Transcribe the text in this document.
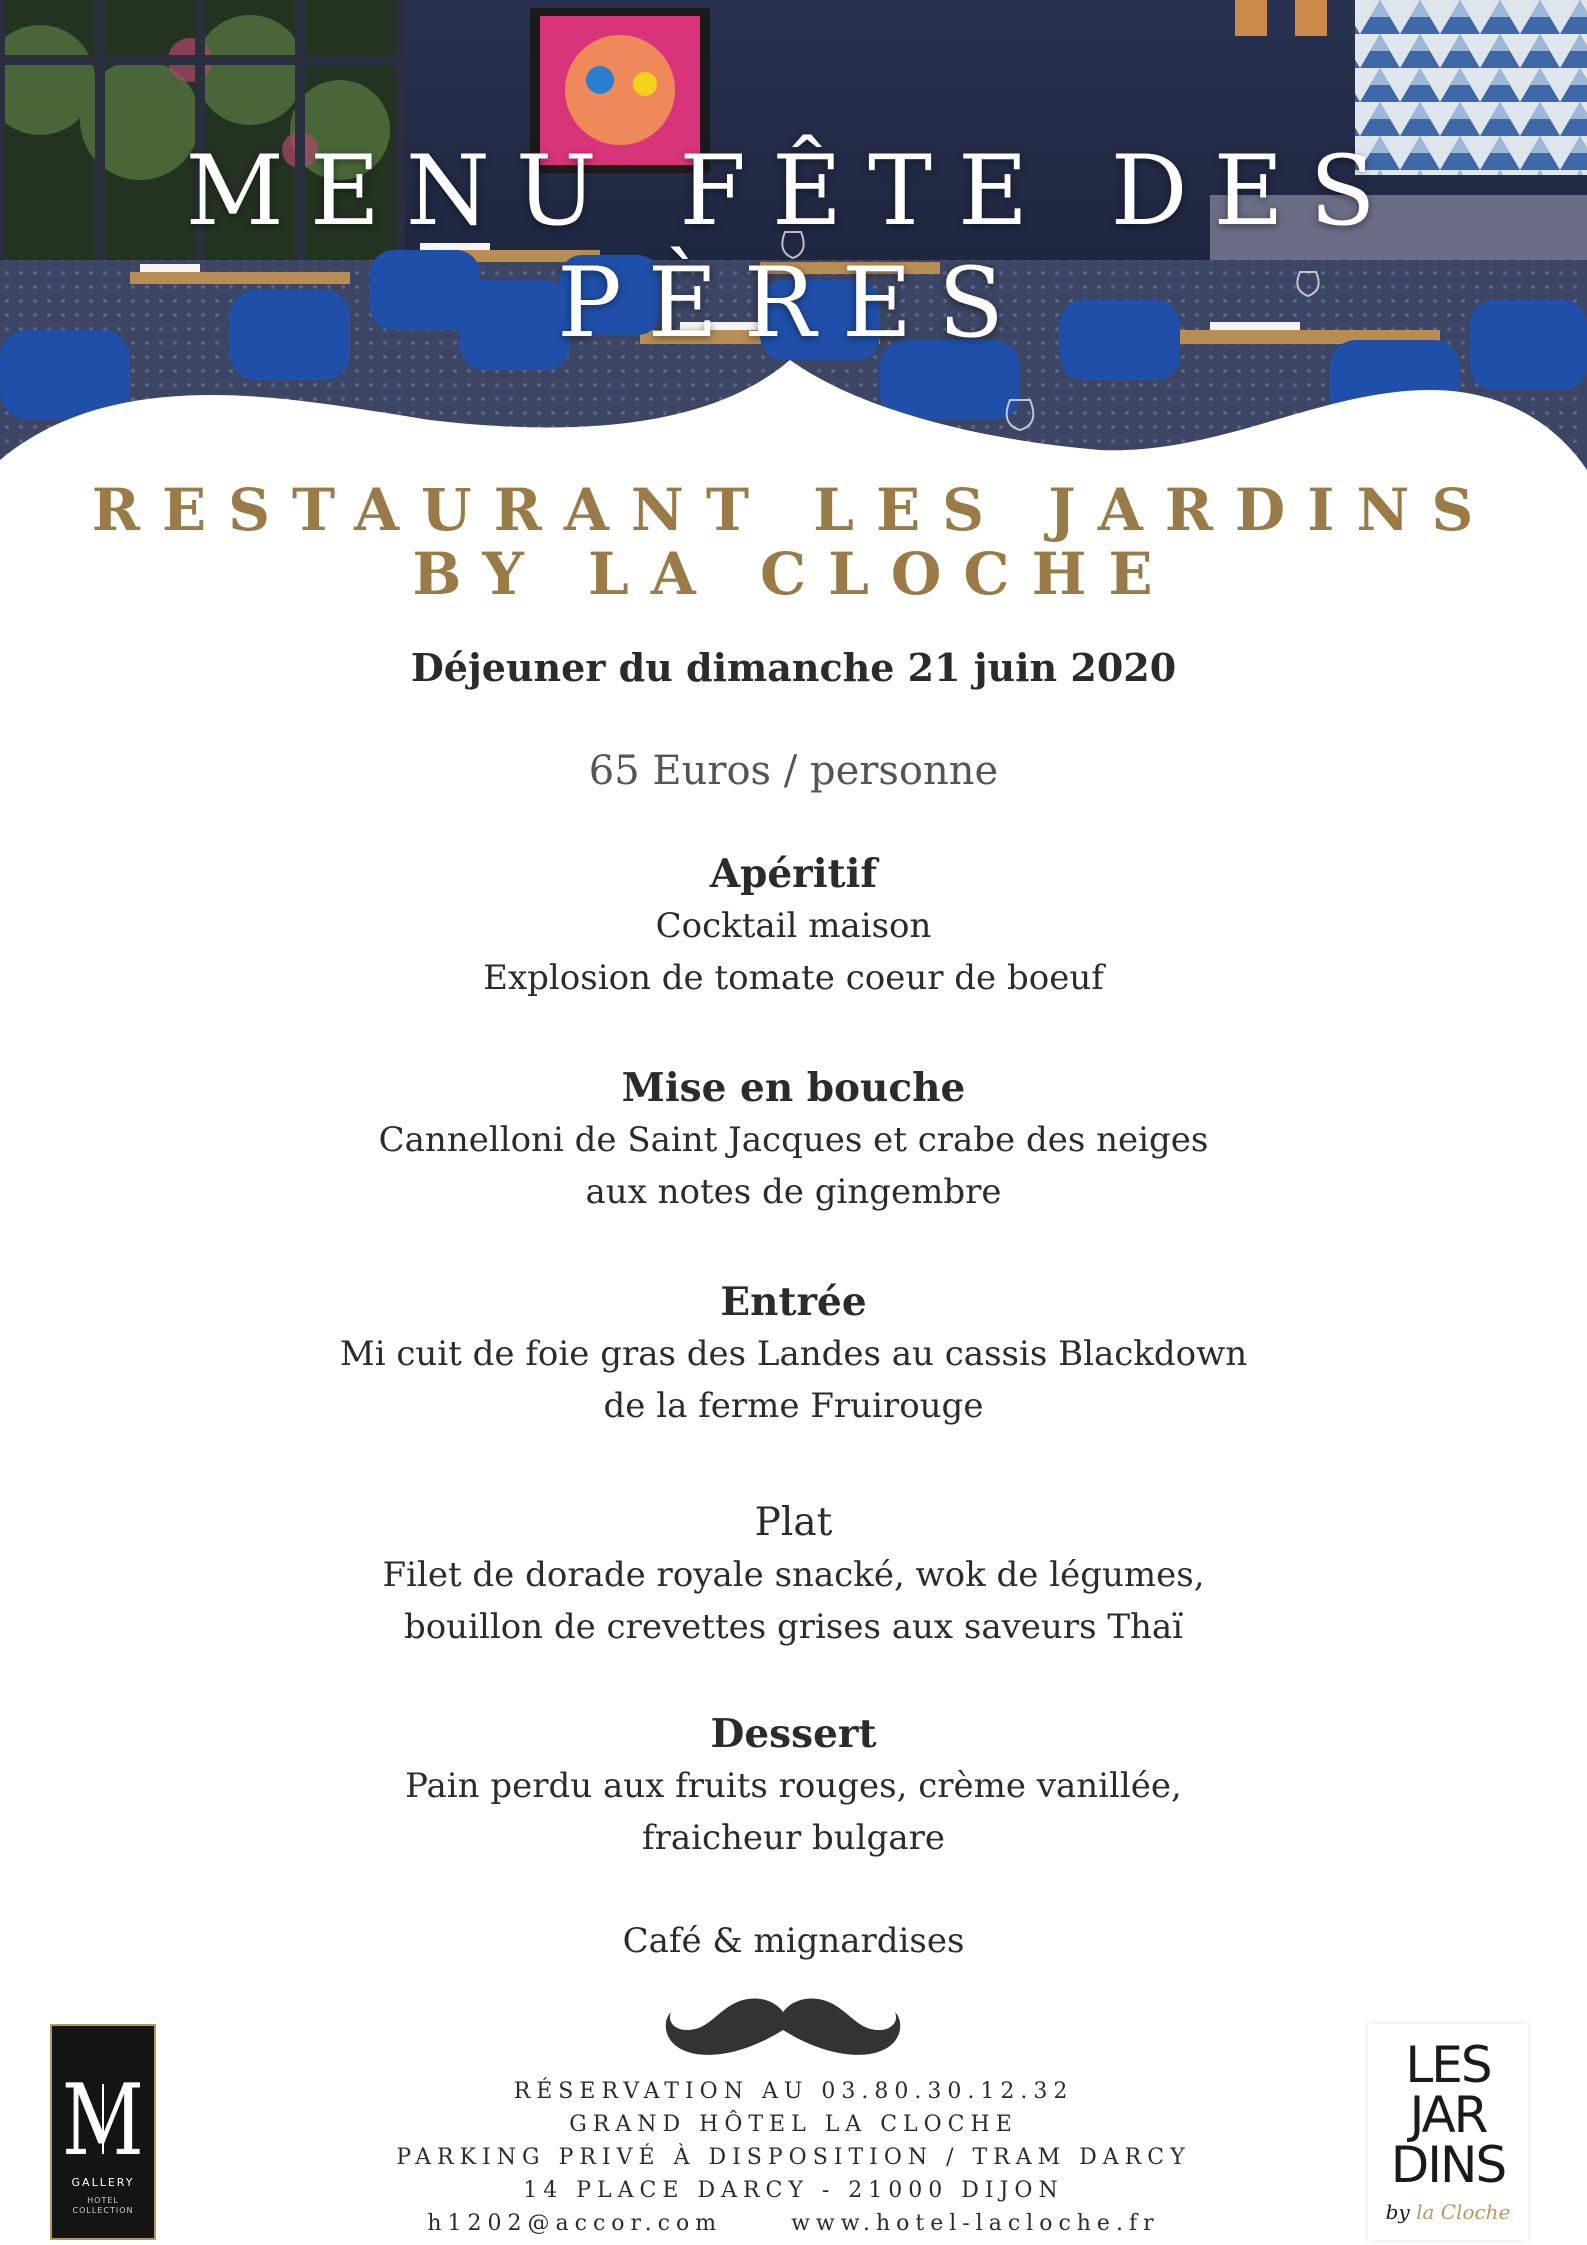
MENU FÊTE DES PÈRES
RESTAURANT LES JARDINS
BY LA CLOCHE
Déjeuner du dimanche 21 juin 2020
65 Euros / personne
Apéritif

Cocktail maison

Explosion de tomate coeur de boeuf

Mise en bouche

Cannelloni de Saint Jacques et crabe des neiges

aux notes de gingembre

Entrée

Mi cuit de foie gras des Landes au cassis Blackdown

de la ferme Fruirouge

Plat

Filet de dorade royale snacké, wok de légumes,

bouillon de crevettes grises aux saveurs Thaï

Dessert

Pain perdu aux fruits rouges, crème vanillée,

fraicheur bulgare

Café & mignardises

RÉSERVATION AU 03.80.30.12.32
GRAND HÔTEL LA CLOCHE
PARKING PRIVÉ À DISPOSITION / TRAM DARCY
14 PLACE DARCY - 21000 DIJON
h1202@accor.com	www.hotel-lacloche.fr
M
GALLERY
HOTEL
COLLECTION
LES
JAR
DINS
by la Cloche
